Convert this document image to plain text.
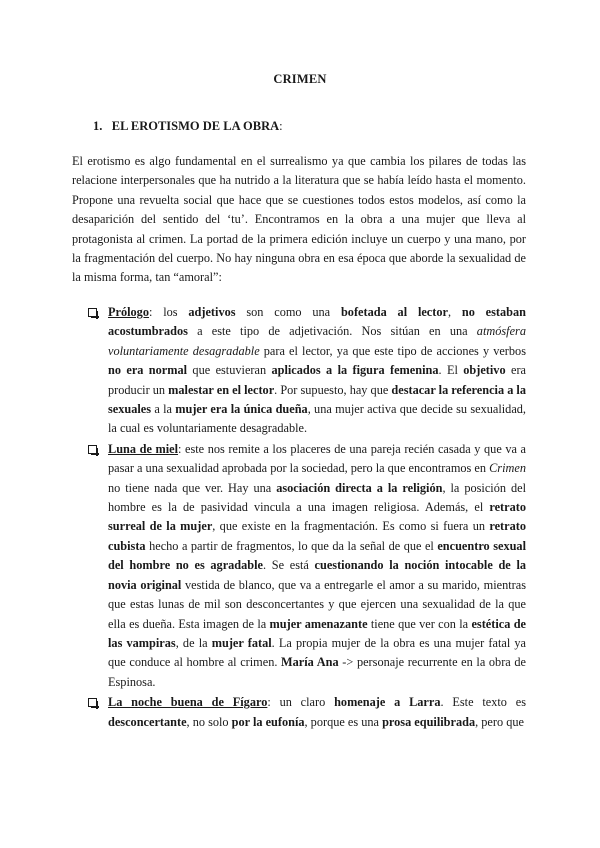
CRIMEN
1. EL EROTISMO DE LA OBRA:
El erotismo es algo fundamental en el surrealismo ya que cambia los pilares de todas las relacione interpersonales que ha nutrido a la literatura que se había leído hasta el momento. Propone una revuelta social que hace que se cuestiones todos estos modelos, así como la desaparición del sentido del ‘tu’. Encontramos en la obra a una mujer que lleva al protagonista al crimen. La portad de la primera edición incluye un cuerpo y una mano, por la fragmentación del cuerpo. No hay ninguna obra en esa época que aborde la sexualidad de la misma forma, tan “amoral”:
Prólogo: los adjetivos son como una bofetada al lector, no estaban acostumbrados a este tipo de adjetivación. Nos sitúan en una atmósfera voluntariamente desagradable para el lector, ya que este tipo de acciones y verbos no era normal que estuvieran aplicados a la figura femenina. El objetivo era producir un malestar en el lector. Por supuesto, hay que destacar la referencia a la sexuales a la mujer era la única dueña, una mujer activa que decide su sexualidad, la cual es voluntariamente desagradable.
Luna de miel: este nos remite a los placeres de una pareja recién casada y que va a pasar a una sexualidad aprobada por la sociedad, pero la que encontramos en Crimen no tiene nada que ver. Hay una asociación directa a la religión, la posición del hombre es la de pasividad vincula a una imagen religiosa. Además, el retrato surreal de la mujer, que existe en la fragmentación. Es como si fuera un retrato cubista hecho a partir de fragmentos, lo que da la señal de que el encuentro sexual del hombre no es agradable. Se está cuestionando la noción intocable de la novia original vestida de blanco, que va a entregarle el amor a su marido, mientras que estas lunas de mil son desconcertantes y que ejercen una sexualidad de la que ella es dueña. Esta imagen de la mujer amenazante tiene que ver con la estética de las vampiras, de la mujer fatal. La propia mujer de la obra es una mujer fatal ya que conduce al hombre al crimen. María Ana -> personaje recurrente en la obra de Espinosa.
La noche buena de Fígaro: un claro homenaje a Larra. Este texto es desconcertante, no solo por la eufonía, porque es una prosa equilibrada, pero que
